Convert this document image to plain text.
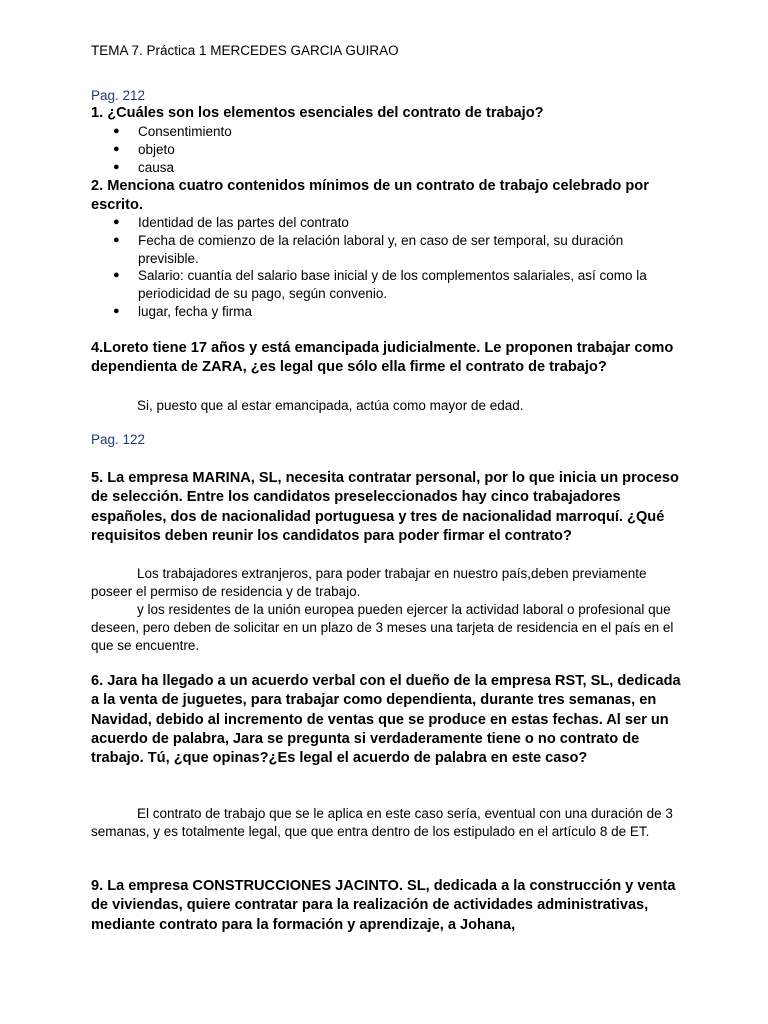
TEMA 7. Práctica 1 MERCEDES GARCIA GUIRAO
Pag. 212
1. ¿Cuáles son los elementos esenciales del contrato de trabajo?
● Consentimiento
● objeto
● causa
2. Menciona cuatro contenidos mínimos de un contrato de trabajo celebrado por escrito.
● Identidad de las partes del contrato
● Fecha de comienzo de la relación laboral y, en caso de ser temporal, su duración previsible.
● Salario: cuantía del salario base inicial y de los complementos salariales, así como la periodicidad de su pago, según convenio.
● lugar, fecha y firma
4.Loreto tiene 17 años y está emancipada judicialmente. Le proponen trabajar como dependienta de ZARA, ¿es legal que sólo ella firme el contrato de trabajo?

Si, puesto que al estar emancipada, actúa como mayor de edad.

Pag. 122
5. La empresa MARINA, SL, necesita contratar personal, por lo que inicia un proceso de selección. Entre los candidatos preseleccionados hay cinco trabajadores españoles, dos de nacionalidad portuguesa y tres de nacionalidad marroquí. ¿Qué requisitos deben reunir los candidatos para poder firmar el contrato?

Los trabajadores extranjeros, para poder trabajar en nuestro país,deben previamente poseer el permiso de residencia y de trabajo.

y los residentes de la unión europea pueden ejercer la actividad laboral o profesional que deseen, pero deben de solicitar en un plazo de 3 meses una tarjeta de residencia en el país en el que se encuentre.

6. Jara ha llegado a un acuerdo verbal con el dueño de la empresa RST, SL, dedicada a la venta de juguetes, para trabajar como dependienta, durante tres semanas, en Navidad, debido al incremento de ventas que se produce en estas fechas. Al ser un acuerdo de palabra, Jara se pregunta si verdaderamente tiene o no contrato de trabajo. Tú, ¿que opinas?¿Es legal el acuerdo de palabra en este caso?

El contrato de trabajo que se le aplica en este caso sería, eventual con una duración de 3 semanas, y es totalmente legal, que que entra dentro de los estipulado en el artículo 8 de ET.

9. La empresa CONSTRUCCIONES JACINTO. SL, dedicada a la construcción y venta de viviendas, quiere contratar para la realización de actividades administrativas, mediante contrato para la formación y aprendizaje, a Johana,
